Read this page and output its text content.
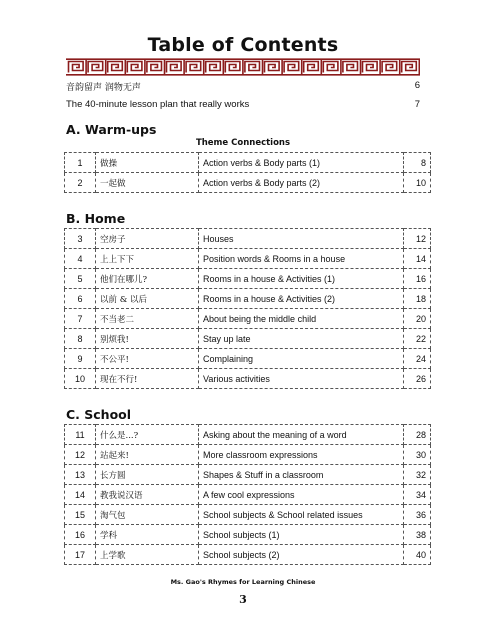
Table of Contents
音韵留声 润物无声	6
The 40-minute lesson plan that really works	7
A. Warm-ups
Theme Connections
1	做操	Action verbs & Body parts (1)	8
2	一起做	Action verbs & Body parts (2)	10
B. Home
3	空房子	Houses	12
4	上上下下	Position words & Rooms in a house	14
5	他们在哪儿?	Rooms in a house & Activities (1)	16
6	以前 & 以后	Rooms in a house & Activities (2)	18
7	不当老二	About being the middle child	20
8	别烦我!	Stay up late	22
9	不公平!	Complaining	24
10	现在不行!	Various activities	26
C. School
11	什么是...?	Asking about the meaning of a word	28
12	站起来!	More classroom expressions	30
13	长方圆	Shapes & Stuff in a classroom	32
14	教我说汉语	A few cool expressions	34
15	淘气包	School subjects & School related issues	36
16	学科	School subjects (1)	38
17	上学歌	School subjects (2)	40
Ms. Gao's Rhymes for Learning Chinese
3
